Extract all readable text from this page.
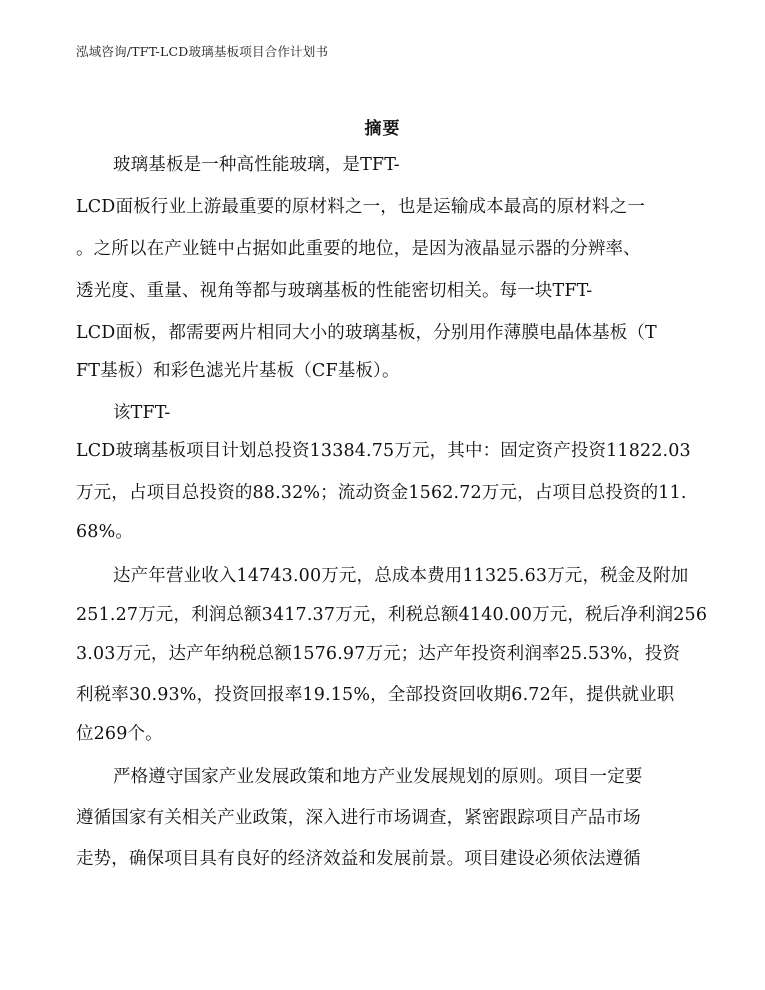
泓域咨询/TFT-LCD玻璃基板项目合作计划书
摘要
玻璃基板是一种高性能玻璃，是TFT-
LCD面板行业上游最重要的原材料之一，也是运输成本最高的原材料之一
。之所以在产业链中占据如此重要的地位，是因为液晶显示器的分辨率、
透光度、重量、视角等都与玻璃基板的性能密切相关。每一块TFT-
LCD面板，都需要两片相同大小的玻璃基板，分别用作薄膜电晶体基板（T
FT基板）和彩色滤光片基板（CF基板）。
该TFT-
LCD玻璃基板项目计划总投资13384.75万元，其中：固定资产投资11822.03
万元，占项目总投资的88.32%；流动资金1562.72万元，占项目总投资的11.
68%。
达产年营业收入14743.00万元，总成本费用11325.63万元，税金及附加
251.27万元，利润总额3417.37万元，利税总额4140.00万元，税后净利润256
3.03万元，达产年纳税总额1576.97万元；达产年投资利润率25.53%，投资
利税率30.93%，投资回报率19.15%，全部投资回收期6.72年，提供就业职
位269个。
严格遵守国家产业发展政策和地方产业发展规划的原则。项目一定要
遵循国家有关相关产业政策，深入进行市场调查，紧密跟踪项目产品市场
走势，确保项目具有良好的经济效益和发展前景。项目建设必须依法遵循
